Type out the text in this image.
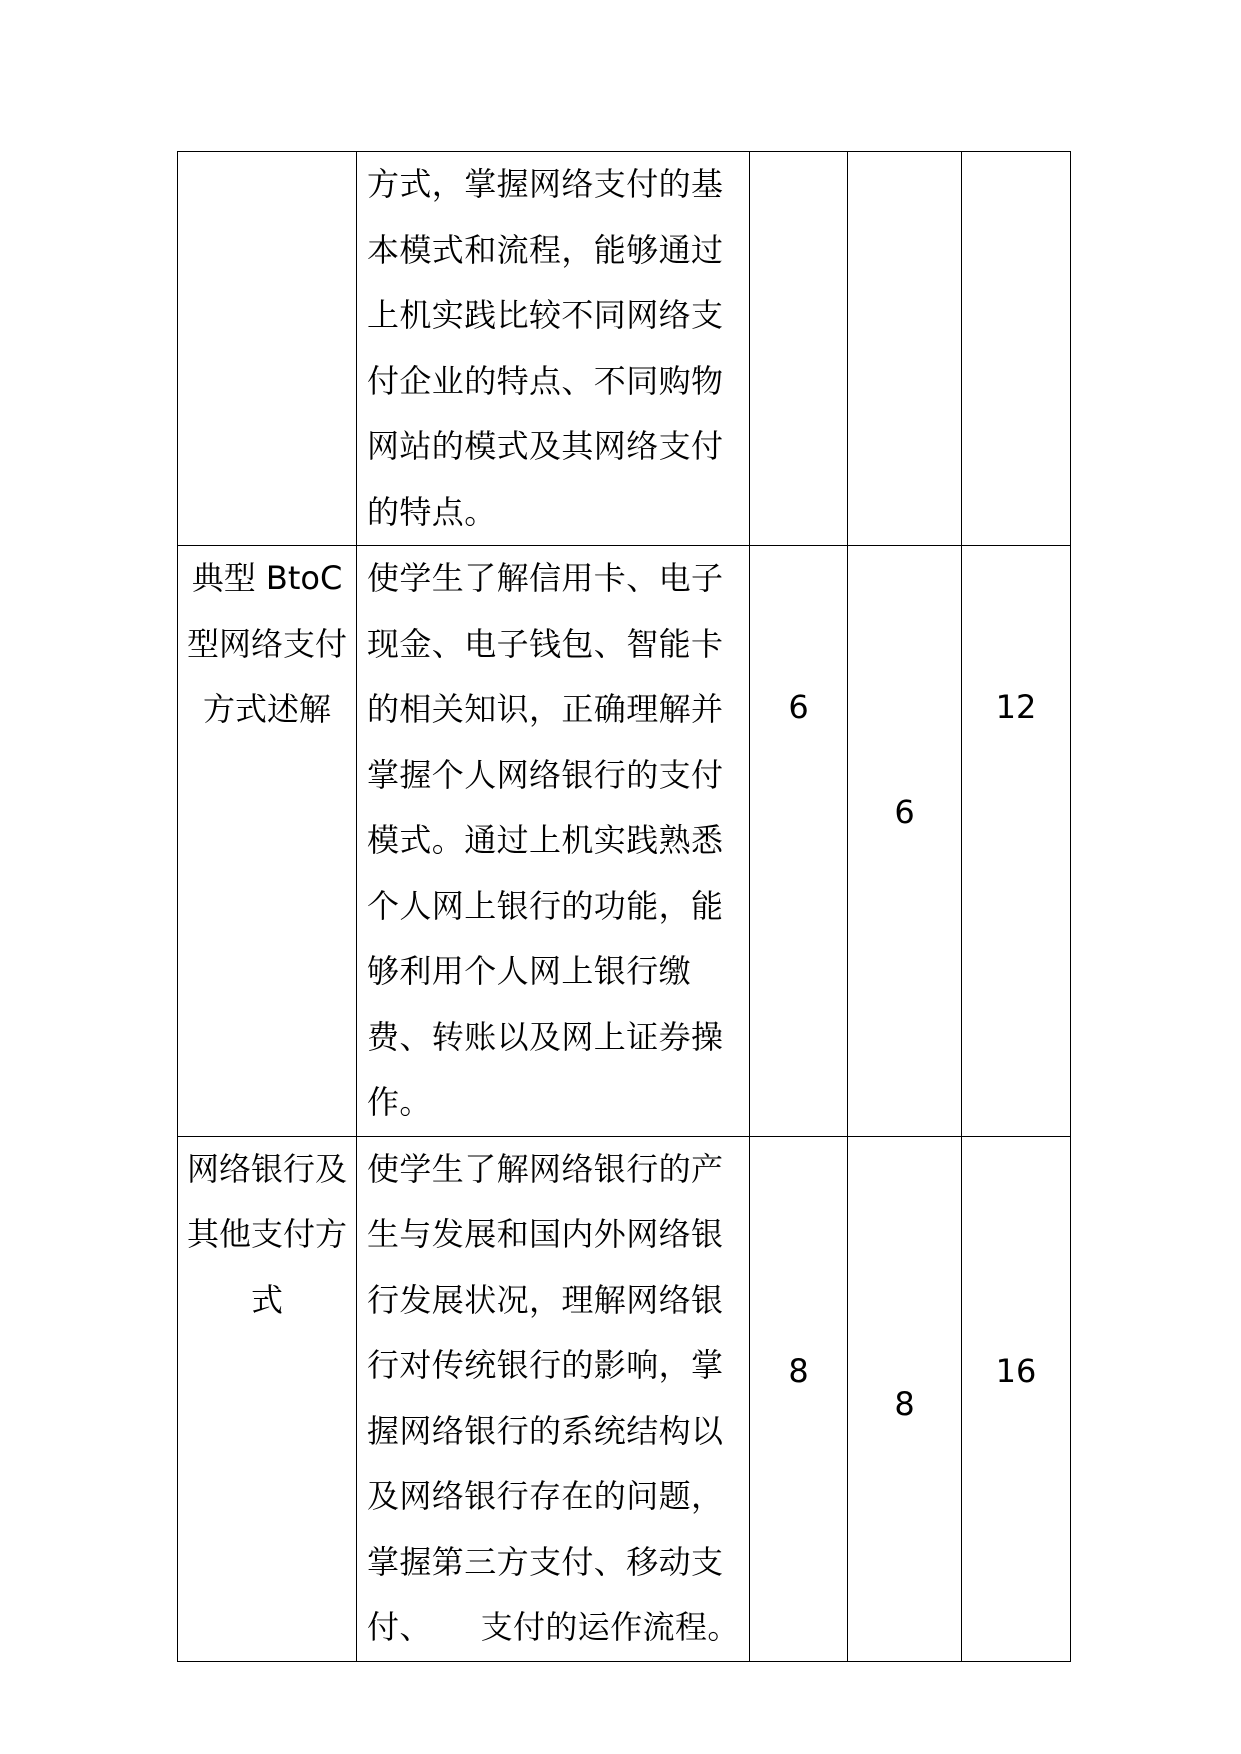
	方式，掌握网络支付的基本模式和流程，能够通过上机实践比较不同网络支付企业的特点、不同购物网站的模式及其网络支付的特点。			

典型 BtoC型网络支付方式述解	使学生了解信用卡、电子现金、电子钱包、智能卡的相关知识，正确理解并掌握个人网络银行的支付模式。通过上机实践熟悉个人网上银行的功能，能够利用个人网上银行缴费、转账以及网上证券操作。	6	6	12

网络银行及其他支付方式	使学生了解网络银行的产生与发展和国内外网络银行发展状况，理解网络银行对传统银行的影响，掌握网络银行的系统结构以及网络银行存在的问题，掌握第三方支付、移动支付、　　支付的运作流程。	8	8	16
